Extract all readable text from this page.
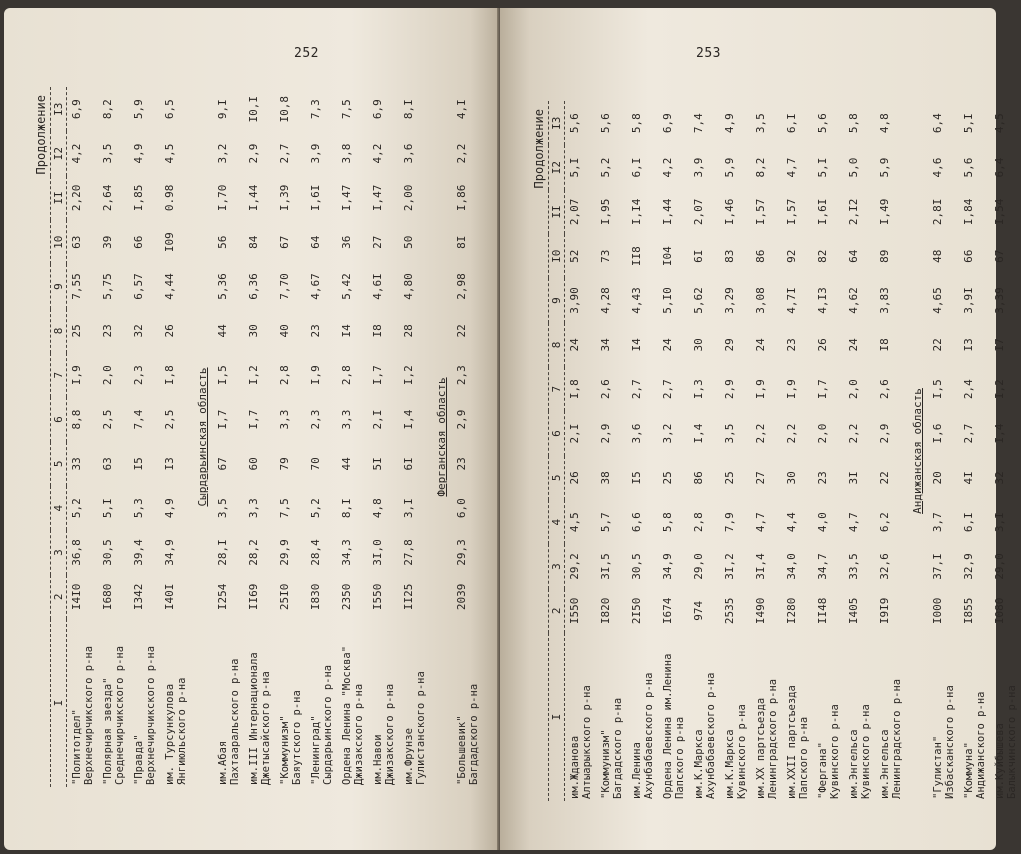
252
Продолжение
I	2	3	4	5	6	7	8	9	10	II	I2	I3

"Политотдел" Верхнечирчикского р-на	I4I0	36,8	5,2	33	8,8	I,9	25	7,55	63	2,20	4,2	6,9

"Полярная звезда" Среднечирчикского р-на	I680	30,5	5,I	63	2,5	2,0	23	5,75	39	2,64	3,5	8,2

"Правда" Верхнечирчикского р-на	I342	39,4	5,3	I5	7,4	2,3	32	6,57	66	I,85	4,9	5,9

им. Турсункулова Янгиюльского р-на	I40I	34,9	4,9	I3	2,5	I,8	26	4,44	I09	0.98	4,5	6,5
Сырдарьинская область												

им.Абая Пахтааральского р-на	I254	28,I	3,5	67	I,7	I,5	44	5,36	56	I,70	3,2	9,I

им.III Интернационала Джетысайского р-на	II69	28,2	3,3	60	I,7	I,2	30	6,36	84	I,44	2,9	I0,I

"Коммунизм" Баяутского р-на	25I0	29,9	7,5	79	3,3	2,8	40	7,70	67	I,39	2,7	I0,8

"Ленинград" Сырдарьинского р-на	I830	28,4	5,2	70	2,3	I,9	23	4,67	64	I,6I	3,9	7,3

Ордена Ленина "Москва" Джизакского р-на	2350	34,3	8,I	44	3,3	2,8	I4	5,42	36	I,47	3,8	7,5

им.Навои Джизакского р-на	I550	3I,0	4,8	5I	2,I	I,7	I8	4,6I	27	I,47	4,2	6,9

им.Фрунзе Гулистанского р-на	II25	27,8	3,I	6I	I,4	I,2	28	4,80	50	2,00	3,6	8,I
Ферганская область												

"Большевик" Багдадского р-на	2039	29,3	6,0	23	2,9	2,3	22	2,98	8I	I,86	2,2	4,I
253
Продолжение
I	2	3	4	5	6	7	8	9	I0	II	I2	I3

им.Жданова Алтыарыкского р-на	I550	29,2	4,5	26	2,I	I,8	24	3,90	52	2,07	5,I	5,6

"Коммунизм" Багдадского р-на	I820	3I,5	5,7	38	2,9	2,6	34	4,28	73	I,95	5,2	5,6

им.Ленина Ахунбабаевского р-на	2I50	30,5	6,6	I5	3,6	2,7	I4	4,43	II8	I,I4	6,I	5,8

Ордена Ленина им.Ленина Папского р-на	I674	34,9	5,8	25	3,2	2,7	24	5,I0	I04	I,44	4,2	6,9

им.К.Маркса Ахунбабаевского р-на	974	29,0	2,8	86	I,4	I,3	30	5,62	6I	2,07	3,9	7,4

им.К.Маркса Кувинского р-на	2535	3I,2	7,9	25	3,5	2,9	29	3,29	83	I,46	5,9	4,9

им.XX партсъезда Ленинградского р-на	I490	3I,4	4,7	27	2,2	I,9	24	3,08	86	I,57	8,2	3,5

им.XXII партсъезда Папского р-на	I280	34,0	4,4	30	2,2	I,9	23	4,7I	92	I,57	4,7	6,I

"Фергана" Кувинского р-на	II48	34,7	4,0	23	2,0	I,7	26	4,I3	82	I,6I	5,I	5,6

им.Энгельса Кувинского р-на	I405	33,5	4,7	3I	2,2	2,0	24	4,62	64	2,I2	5,0	5,8

им.Энгельса Ленинградского р-на	I9I9	32,6	6,2	22	2,9	2,6	I8	3,83	89	I,49	5,9	4,8
Андижанская область												

"Гулистан" Избасканского р-на	I000	37,I	3,7	20	I,6	I,5	22	4,65	48	2,8I	4,6	6,4

"Коммуна" Андижанского р-на	I855	32,9	6,I	4I	2,7	2,4	I3	3,9I	66	I,84	5,6	5,I

им.Куйбышева Балыкчинского р-на	I080	29,0	3,I	32	I,4	I,2	I7	3,39	67	I,54	6,4	4,5
